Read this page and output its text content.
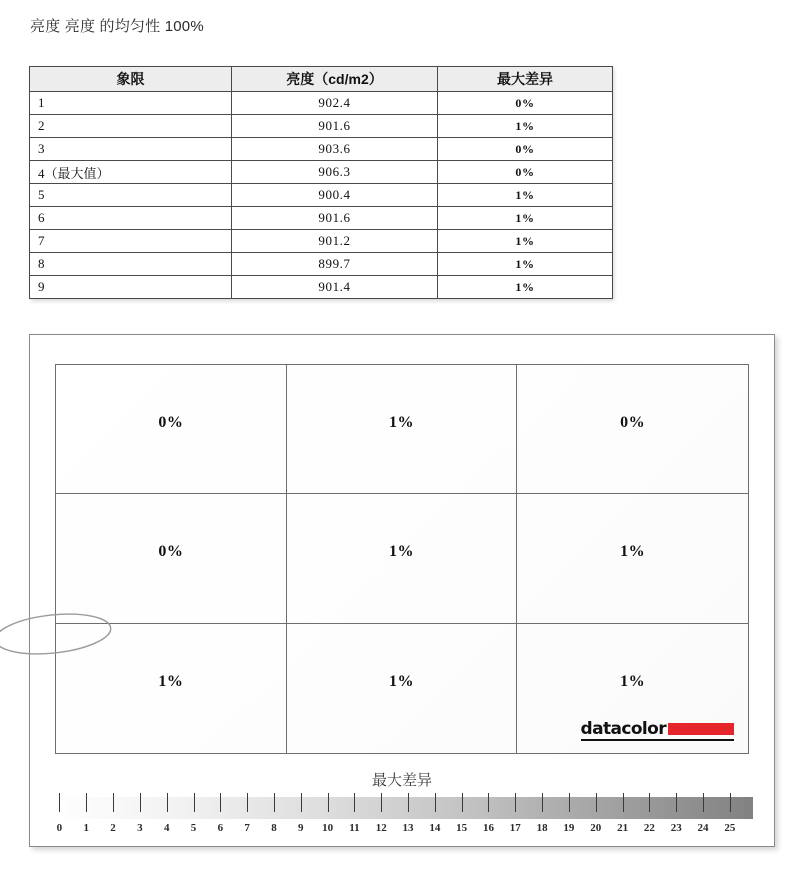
亮度 亮度 的均匀性 100%
象限	亮度（cd/m2）	最大差异
1	902.4	0%
2	901.6	1%
3	903.6	0%
4（最大值）	906.3	0%
5	900.4	1%
6	901.6	1%
7	901.2	1%
8	899.7	1%
9	901.4	1%
0%	1%	0%
0%	1%	1%
1%	1%	1%
datacolor
最大差异
0 1 2 3 4 5 6 7 8 9 10 11 12 13 14 15 16 17 18 19 20 21 22 23 24 25
